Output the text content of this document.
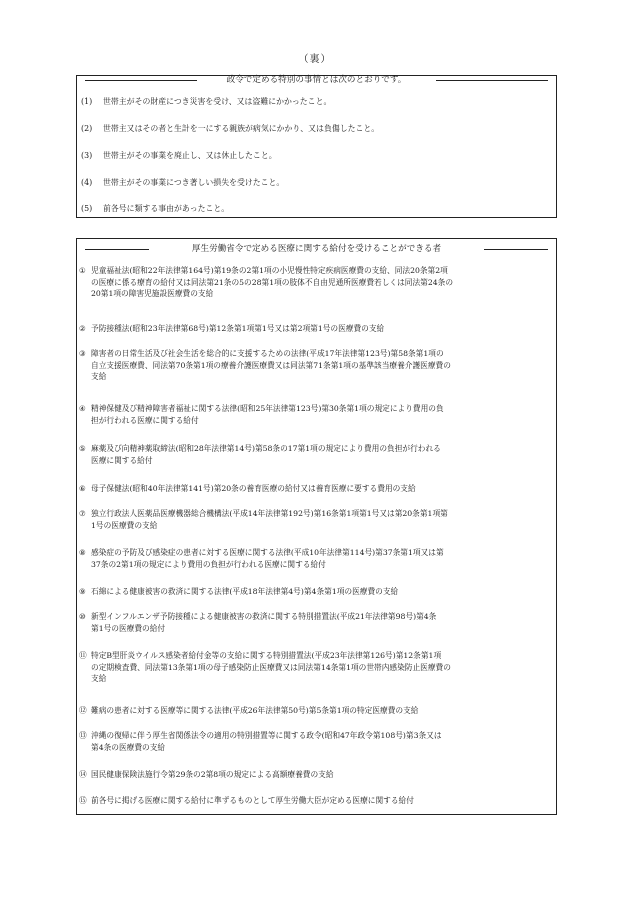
（裏）
政令で定める特別の事情とは次のとおりです。
(1) 世帯主がその財産につき災害を受け、又は盗難にかかったこと。
(2) 世帯主又はその者と生計を一にする親族が病気にかかり、又は負傷したこと。
(3) 世帯主がその事業を廃止し、又は休止したこと。
(4) 世帯主がその事業につき著しい損失を受けたこと。
(5) 前各号に類する事由があったこと。
厚生労働省令で定める医療に関する給付を受けることができる者
① 児童福祉法(昭和22年法律第164号)第19条の2第1項の小児慢性特定疾病医療費の支給、同法20条第2項
の医療に係る療育の給付又は同法第21条の5の28第1項の肢体不自由児通所医療費若しくは同法第24条の
20第1項の障害児施設医療費の支給
② 予防接種法(昭和23年法律第68号)第12条第1項第1号又は第2項第1号の医療費の支給
③ 障害者の日常生活及び社会生活を総合的に支援するための法律(平成17年法律第123号)第58条第1項の
自立支援医療費、同法第70条第1項の療養介護医療費又は同法第71条第1項の基準該当療養介護医療費の
支給
④ 精神保健及び精神障害者福祉に関する法律(昭和25年法律第123号)第30条第1項の規定により費用の負
担が行われる医療に関する給付
⑤ 麻薬及び向精神薬取締法(昭和28年法律第14号)第58条の17第1項の規定により費用の負担が行われる
医療に関する給付
⑥ 母子保健法(昭和40年法律第141号)第20条の養育医療の給付又は養育医療に要する費用の支給
⑦ 独立行政法人医薬品医療機器総合機構法(平成14年法律第192号)第16条第1項第1号又は第20条第1項第
1号の医療費の支給
⑧ 感染症の予防及び感染症の患者に対する医療に関する法律(平成10年法律第114号)第37条第1項又は第
37条の2第1項の規定により費用の負担が行われる医療に関する給付
⑨ 石綿による健康被害の救済に関する法律(平成18年法律第4号)第4条第1項の医療費の支給
⑩ 新型インフルエンザ予防接種による健康被害の救済に関する特別措置法(平成21年法律第98号)第4条
第1号の医療費の給付
⑪ 特定B型肝炎ウイルス感染者給付金等の支給に関する特別措置法(平成23年法律第126号)第12条第1項
の定期検査費、同法第13条第1項の母子感染防止医療費又は同法第14条第1項の世帯内感染防止医療費の
支給
⑫ 難病の患者に対する医療等に関する法律(平成26年法律第50号)第5条第1項の特定医療費の支給
⑬ 沖縄の復帰に伴う厚生省関係法令の適用の特別措置等に関する政令(昭和47年政令第108号)第3条又は
第4条の医療費の支給
⑭ 国民健康保険法施行令第29条の2第8項の規定による高額療養費の支給
⑮ 前各号に掲げる医療に関する給付に準ずるものとして厚生労働大臣が定める医療に関する給付
